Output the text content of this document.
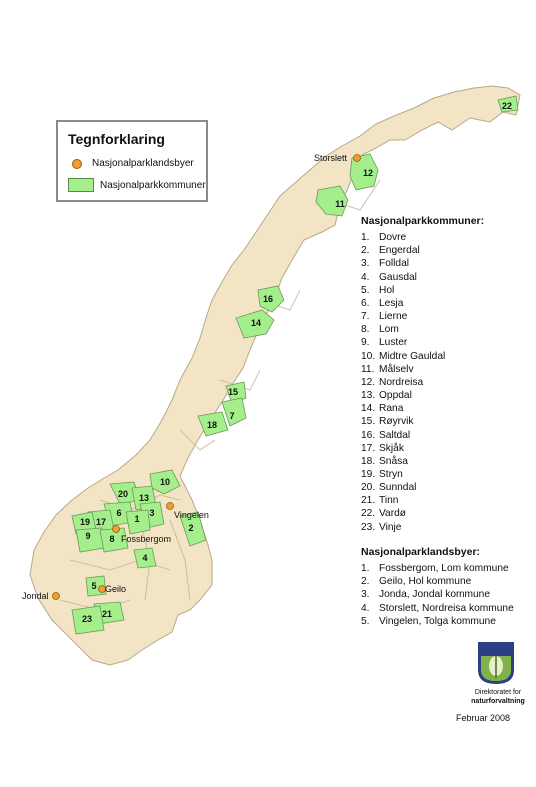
22
12
11
16
14
15
7
18
10
20 13
3
6
1
17
19
9 8
2
4
5
21
23
Storslett
Vingelen
Fossbergom
Geilo
Jondal
Tegnforklaring
Nasjonalparklandsbyer
Nasjonalparkkommuner
Nasjonalparkkommuner:
1. Dovre
2. Engerdal
3. Folldal
4. Gausdal
5. Hol
6. Lesja
7. Lierne
8. Lom
9. Luster
10. Midtre Gauldal
11. Målselv
12. Nordreisa
13. Oppdal
14. Rana
15. Røyrvik
16. Saltdal
17. Skjåk
18. Snåsa
19. Stryn
20. Sunndal
21. Tinn
22. Vardø
23. Vinje
Nasjonalparklandsbyer:
1. Fossbergom, Lom kommune
2. Geilo, Hol kommune
3. Jonda, Jondal kommune
4. Storslett, Nordreisa kommune
5. Vingelen, Tolga kommune
Direktoratet for
naturforvaltning
Februar 2008
